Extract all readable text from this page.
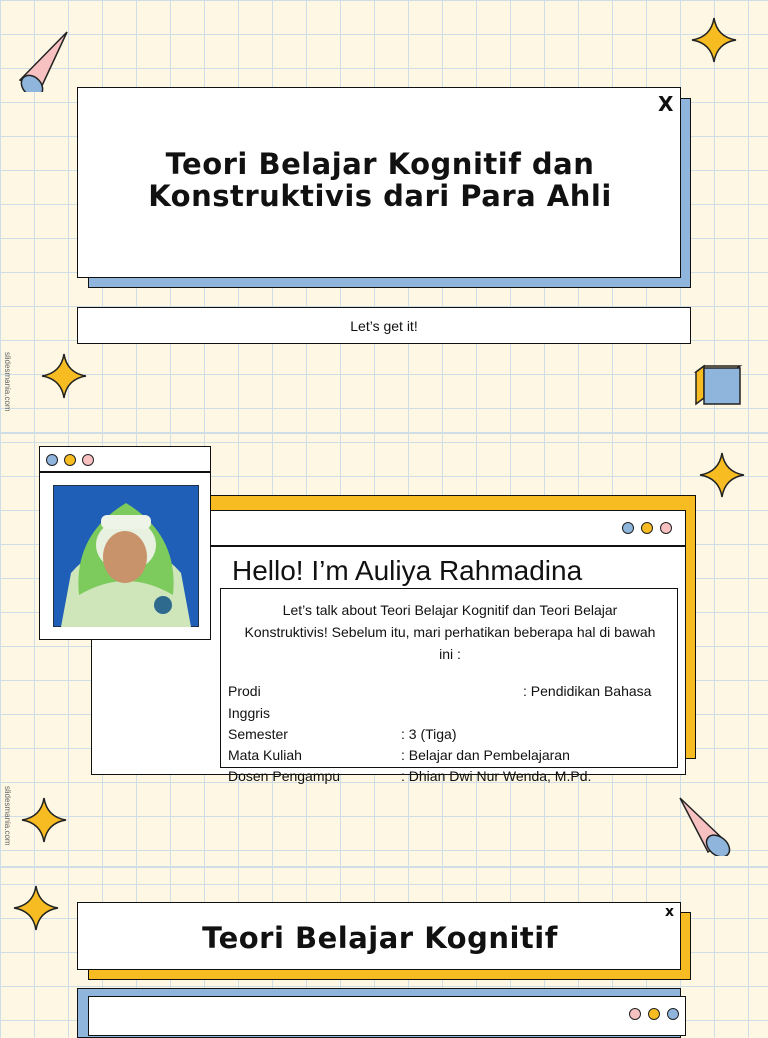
X
Teori Belajar Kognitif dan
Konstruktivis dari Para Ahli
Let’s get it!
slidesmania.com
Hello! I’m Auliya Rahmadina
Let’s talk about Teori Belajar Kognitif dan Teori Belajar Konstruktivis! Sebelum itu, mari perhatikan beberapa hal di bawah ini :
Prodi	: Pendidikan Bahasa
Inggris
Semester	: 3 (Tiga)
Mata Kuliah	: Belajar dan Pembelajaran
Dosen Pengampu	: Dhian Dwi Nur Wenda, M.Pd.
slidesmania.com
x
Teori Belajar Kognitif
